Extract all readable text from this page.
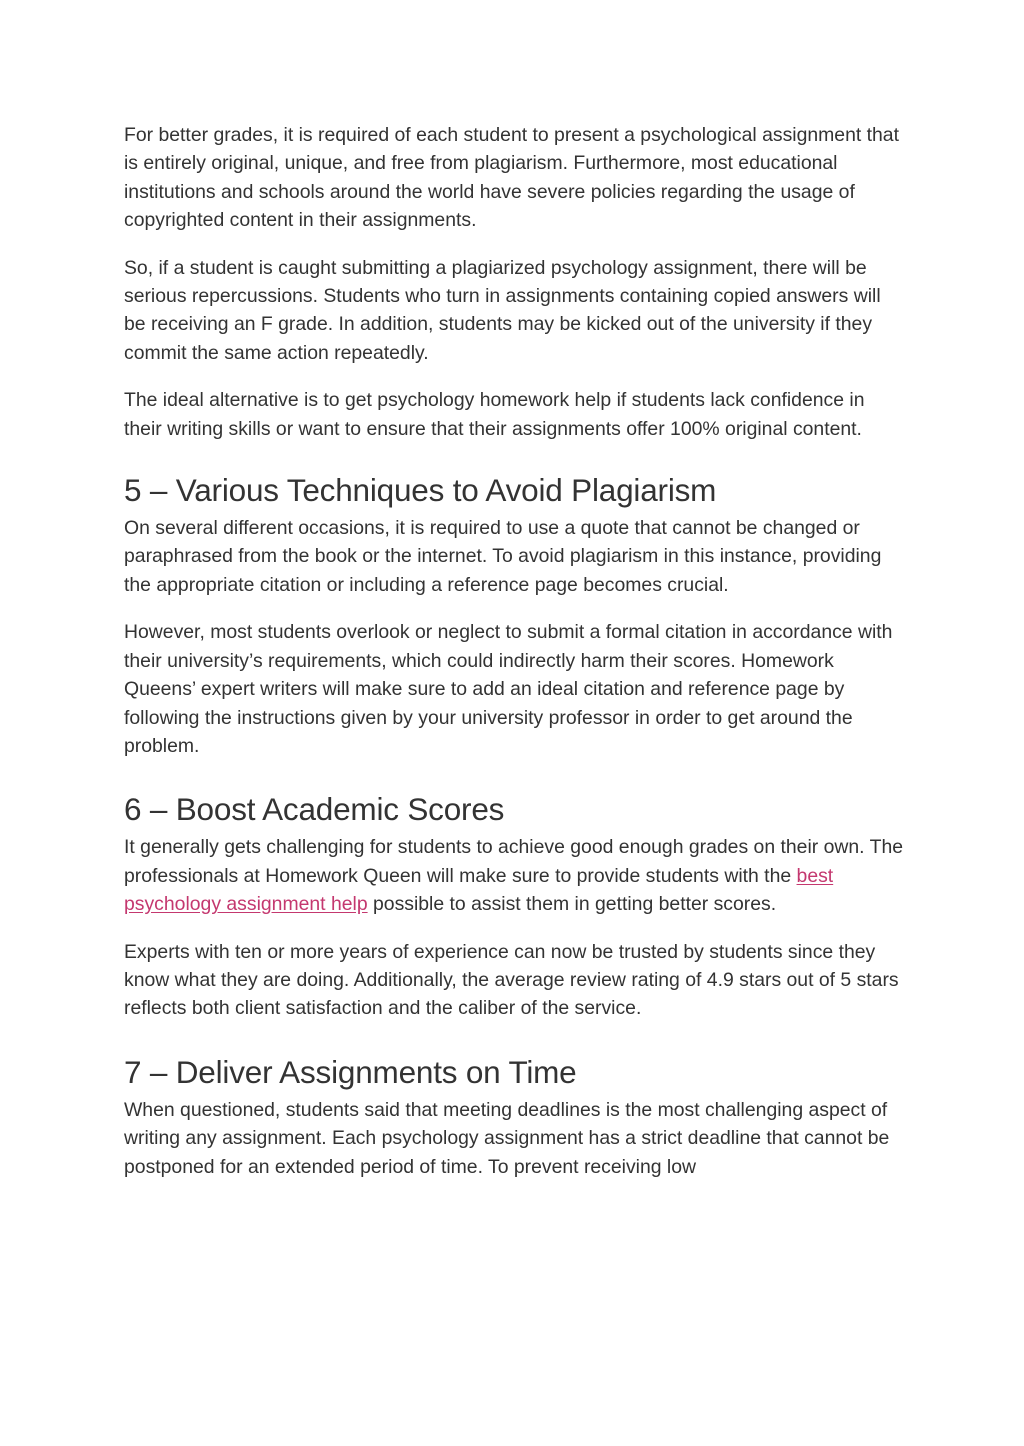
For better grades, it is required of each student to present a psychological assignment that is entirely original, unique, and free from plagiarism. Furthermore, most educational institutions and schools around the world have severe policies regarding the usage of copyrighted content in their assignments.

So, if a student is caught submitting a plagiarized psychology assignment, there will be serious repercussions. Students who turn in assignments containing copied answers will be receiving an F grade. In addition, students may be kicked out of the university if they commit the same action repeatedly.

The ideal alternative is to get psychology homework help if students lack confidence in their writing skills or want to ensure that their assignments offer 100% original content.

5 – Various Techniques to Avoid Plagiarism

On several different occasions, it is required to use a quote that cannot be changed or paraphrased from the book or the internet. To avoid plagiarism in this instance, providing the appropriate citation or including a reference page becomes crucial.

However, most students overlook or neglect to submit a formal citation in accordance with their university’s requirements, which could indirectly harm their scores. Homework Queens’ expert writers will make sure to add an ideal citation and reference page by following the instructions given by your university professor in order to get around the problem.

6 – Boost Academic Scores

It generally gets challenging for students to achieve good enough grades on their own. The professionals at Homework Queen will make sure to provide students with the best psychology assignment help possible to assist them in getting better scores.

Experts with ten or more years of experience can now be trusted by students since they know what they are doing. Additionally, the average review rating of 4.9 stars out of 5 stars reflects both client satisfaction and the caliber of the service.

7 – Deliver Assignments on Time

When questioned, students said that meeting deadlines is the most challenging aspect of writing any assignment. Each psychology assignment has a strict deadline that cannot be postponed for an extended period of time. To prevent receiving low
